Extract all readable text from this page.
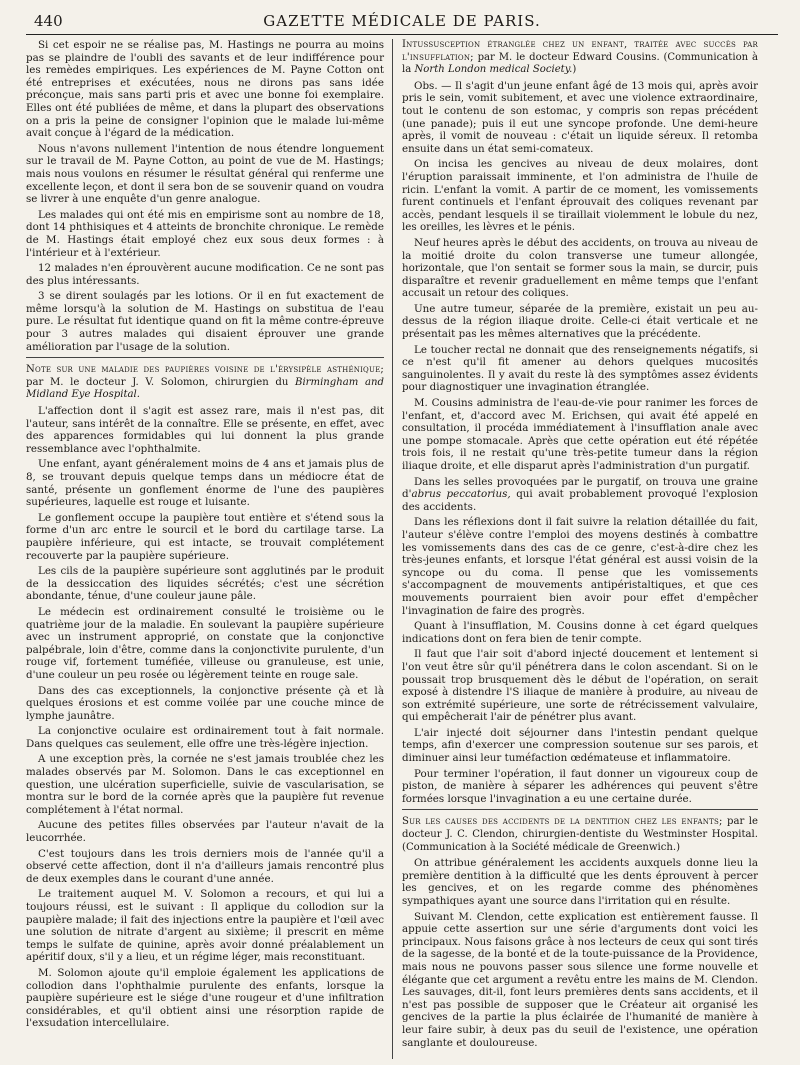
440	GAZETTE MÉDICALE DE PARIS.

Si cet espoir ne se réalise pas, M. Hastings ne pourra au moins pas se plaindre de l'oubli des savants et de leur indifférence pour les remèdes empiriques. Les expériences de M. Payne Cotton ont été entreprises et exécutées, nous ne dirons pas sans idée préconçue, mais sans parti pris et avec une bonne foi exemplaire. Elles ont été publiées de même, et dans la plupart des observations on a pris la peine de consigner l'opinion que le malade lui-même avait conçue à l'égard de la médication.

Nous n'avons nullement l'intention de nous étendre longuement sur le travail de M. Payne Cotton, au point de vue de M. Hastings; mais nous voulons en résumer le résultat général qui renferme une excellente leçon, et dont il sera bon de se souvenir quand on voudra se livrer à une enquête d'un genre analogue.

Les malades qui ont été mis en empirisme sont au nombre de 18, dont 14 phthisiques et 4 atteints de bronchite chronique. Le remède de M. Hastings était employé chez eux sous deux formes : à l'intérieur et à l'extérieur.

12 malades n'en éprouvèrent aucune modification. Ce ne sont pas des plus intéressants.

3 se dirent soulagés par les lotions. Or il en fut exactement de même lorsqu'à la solution de M. Hastings on substitua de l'eau pure. Le résultat fut identique quand on fit la même contre-épreuve pour 3 autres malades qui disaient éprouver une grande amélioration par l'usage de la solution.

Note sur une maladie des paupières voisine de l'érysipèle asthénique; par M. le docteur J. V. Solomon, chirurgien du Birmingham and Midland Eye Hospital.

L'affection dont il s'agit est assez rare, mais il n'est pas, dit l'auteur, sans intérêt de la connaître. Elle se présente, en effet, avec des apparences formidables qui lui donnent la plus grande ressemblance avec l'ophthalmite.

Une enfant, ayant généralement moins de 4 ans et jamais plus de 8, se trouvant depuis quelque temps dans un médiocre état de santé, présente un gonflement énorme de l'une des paupières supérieures, laquelle est rouge et luisante.

Le gonflement occupe la paupière tout entière et s'étend sous la forme d'un arc entre le sourcil et le bord du cartilage tarse. La paupière inférieure, qui est intacte, se trouvait complétement recouverte par la paupière supérieure.

Les cils de la paupière supérieure sont agglutinés par le produit de la dessiccation des liquides sécrétés; c'est une sécrétion abondante, ténue, d'une couleur jaune pâle.

Le médecin est ordinairement consulté le troisième ou le quatrième jour de la maladie. En soulevant la paupière supérieure avec un instrument approprié, on constate que la conjonctive palpébrale, loin d'être, comme dans la conjonctivite purulente, d'un rouge vif, fortement tuméfiée, villeuse ou granuleuse, est unie, d'une couleur un peu rosée ou légèrement teinte en rouge sale.

Dans des cas exceptionnels, la conjonctive présente çà et là quelques érosions et est comme voilée par une couche mince de lymphe jaunâtre.

La conjonctive oculaire est ordinairement tout à fait normale. Dans quelques cas seulement, elle offre une très-légère injection.

A une exception près, la cornée ne s'est jamais troublée chez les malades observés par M. Solomon. Dans le cas exceptionnel en question, une ulcération superficielle, suivie de vascularisation, se montra sur le bord de la cornée après que la paupière fut revenue complétement à l'état normal.

Aucune des petites filles observées par l'auteur n'avait de la leucorrhée.

C'est toujours dans les trois derniers mois de l'année qu'il a observé cette affection, dont il n'a d'ailleurs jamais rencontré plus de deux exemples dans le courant d'une année.

Le traitement auquel M. V. Solomon a recours, et qui lui a toujours réussi, est le suivant : Il applique du collodion sur la paupière malade; il fait des injections entre la paupière et l'œil avec une solution de nitrate d'argent au sixième; il prescrit en même temps le sulfate de quinine, après avoir donné préalablement un apéritif doux, s'il y a lieu, et un régime léger, mais reconstituant.

M. Solomon ajoute qu'il emploie également les applications de collodion dans l'ophthalmie purulente des enfants, lorsque la paupière supérieure est le siége d'une rougeur et d'une infiltration considérables, et qu'il obtient ainsi une résorption rapide de l'exsudation intercellulaire.

Intussusception étranglée chez un enfant, traitée avec succès par l'insufflation; par M. le docteur Edward Cousins. (Communication à la North London medical Society.)

Obs. — Il s'agit d'un jeune enfant âgé de 13 mois qui, après avoir pris le sein, vomit subitement, et avec une violence extraordinaire, tout le contenu de son estomac, y compris son repas précédent (une panade); puis il eut une syncope profonde. Une demi-heure après, il vomit de nouveau : c'était un liquide séreux. Il retomba ensuite dans un état semi-comateux.

On incisa les gencives au niveau de deux molaires, dont l'éruption paraissait imminente, et l'on administra de l'huile de ricin. L'enfant la vomit. A partir de ce moment, les vomissements furent continuels et l'enfant éprouvait des coliques revenant par accès, pendant lesquels il se tiraillait violemment le lobule du nez, les oreilles, les lèvres et le pénis.

Neuf heures après le début des accidents, on trouva au niveau de la moitié droite du colon transverse une tumeur allongée, horizontale, que l'on sentait se former sous la main, se durcir, puis disparaître et revenir graduellement en même temps que l'enfant accusait un retour des coliques.

Une autre tumeur, séparée de la première, existait un peu au-dessus de la région iliaque droite. Celle-ci était verticale et ne présentait pas les mêmes alternatives que la précédente.

Le toucher rectal ne donnait que des renseignements négatifs, si ce n'est qu'il fit amener au dehors quelques mucosités sanguinolentes. Il y avait du reste là des symptômes assez évidents pour diagnostiquer une invagination étranglée.

M. Cousins administra de l'eau-de-vie pour ranimer les forces de l'enfant, et, d'accord avec M. Erichsen, qui avait été appelé en consultation, il procéda immédiatement à l'insufflation anale avec une pompe stomacale. Après que cette opération eut été répétée trois fois, il ne restait qu'une très-petite tumeur dans la région iliaque droite, et elle disparut après l'administration d'un purgatif.

Dans les selles provoquées par le purgatif, on trouva une graine d'abrus peccatorius, qui avait probablement provoqué l'explosion des accidents.

Dans les réflexions dont il fait suivre la relation détaillée du fait, l'auteur s'élève contre l'emploi des moyens destinés à combattre les vomissements dans des cas de ce genre, c'est-à-dire chez les très-jeunes enfants, et lorsque l'état général est aussi voisin de la syncope ou du coma. Il pense que les vomissements s'accompagnent de mouvements antipéristaltiques, et que ces mouvements pourraient bien avoir pour effet d'empêcher l'invagination de faire des progrès.

Quant à l'insufflation, M. Cousins donne à cet égard quelques indications dont on fera bien de tenir compte.

Il faut que l'air soit d'abord injecté doucement et lentement si l'on veut être sûr qu'il pénétrera dans le colon ascendant. Si on le poussait trop brusquement dès le début de l'opération, on serait exposé à distendre l'S iliaque de manière à produire, au niveau de son extrémité supérieure, une sorte de rétrécissement valvulaire, qui empêcherait l'air de pénétrer plus avant.

L'air injecté doit séjourner dans l'intestin pendant quelque temps, afin d'exercer une compression soutenue sur ses parois, et diminuer ainsi leur tuméfaction œdémateuse et inflammatoire.

Pour terminer l'opération, il faut donner un vigoureux coup de piston, de manière à séparer les adhérences qui peuvent s'être formées lorsque l'invagination a eu une certaine durée.

Sur les causes des accidents de la dentition chez les enfants; par le docteur J. C. Clendon, chirurgien-dentiste du Westminster Hospital. (Communication à la Société médicale de Greenwich.)

On attribue généralement les accidents auxquels donne lieu la première dentition à la difficulté que les dents éprouvent à percer les gencives, et on les regarde comme des phénomènes sympathiques ayant une source dans l'irritation qui en résulte.

Suivant M. Clendon, cette explication est entièrement fausse. Il appuie cette assertion sur une série d'arguments dont voici les principaux. Nous faisons grâce à nos lecteurs de ceux qui sont tirés de la sagesse, de la bonté et de la toute-puissance de la Providence, mais nous ne pouvons passer sous silence une forme nouvelle et élégante que cet argument a revêtu entre les mains de M. Clendon. Les sauvages, dit-il, font leurs premières dents sans accidents, et il n'est pas possible de supposer que le Créateur ait organisé les gencives de la partie la plus éclairée de l'humanité de manière à leur faire subir, à deux pas du seuil de l'existence, une opération sanglante et douloureuse.
